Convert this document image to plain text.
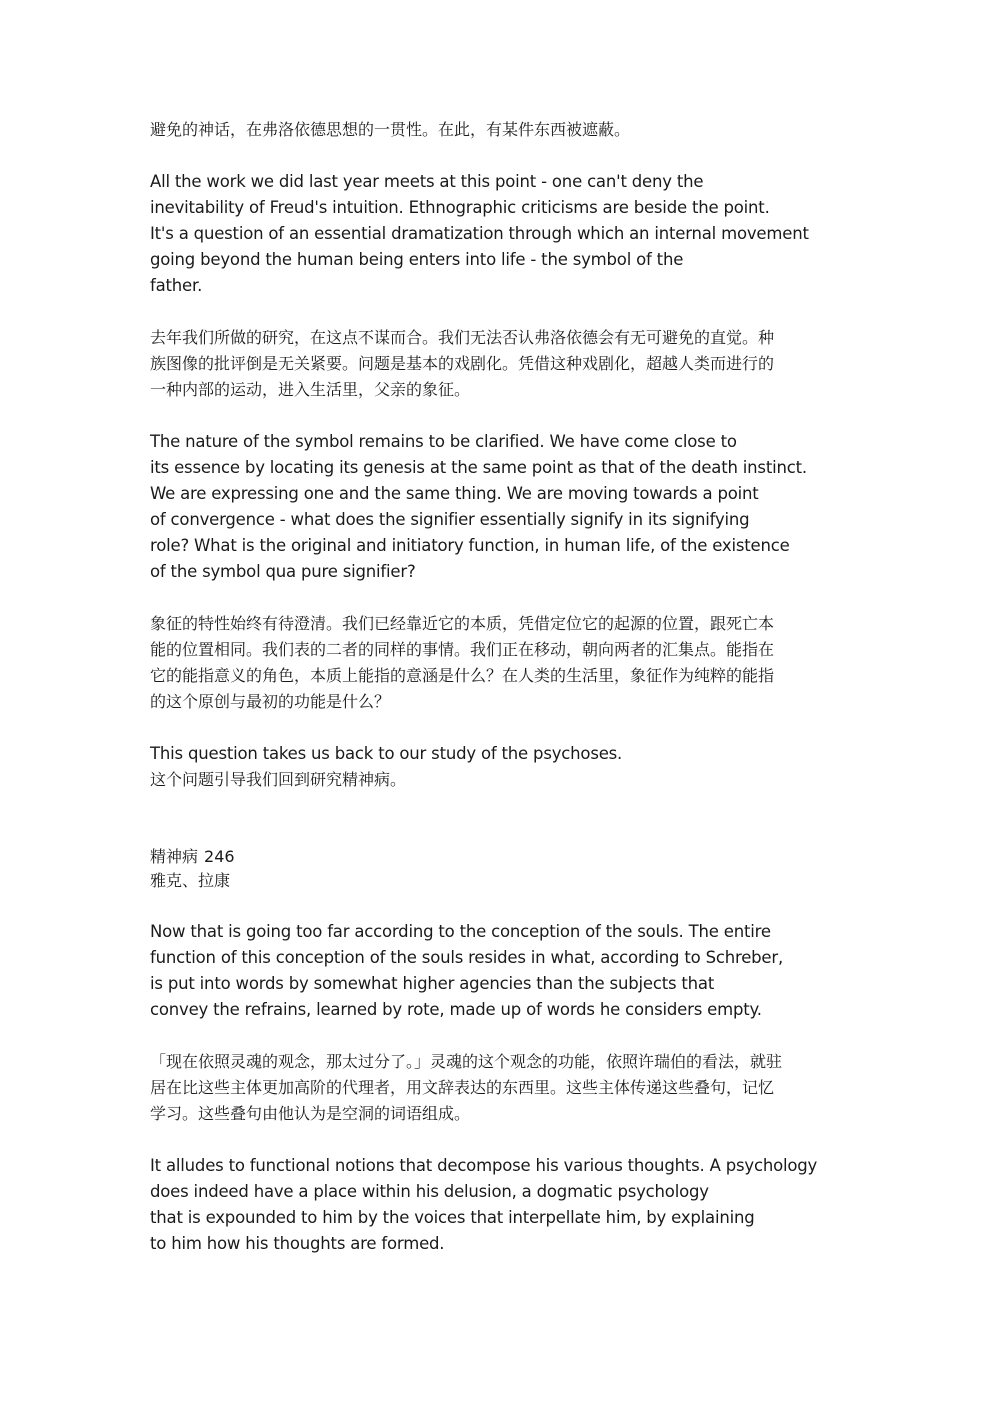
避免的神话，在弗洛依德思想的一贯性。在此，有某件东西被遮蔽。
All the work we did last year meets at this point - one can't deny the
inevitability of Freud's intuition. Ethnographic criticisms are beside the point.
It's a question of an essential dramatization through which an internal movement
going beyond the human being enters into life - the symbol of the
father.
去年我们所做的研究，在这点不谋而合。我们无法否认弗洛依德会有无可避免的直觉。种
族图像的批评倒是无关紧要。问题是基本的戏剧化。凭借这种戏剧化，超越人类而进行的
一种内部的运动，进入生活里，父亲的象征。
The nature of the symbol remains to be clarified. We have come close to
its essence by locating its genesis at the same point as that of the death instinct.
We are expressing one and the same thing. We are moving towards a point
of convergence - what does the signifier essentially signify in its signifying
role? What is the original and initiatory function, in human life, of the existence
of the symbol qua pure signifier?
象征的特性始终有待澄清。我们已经靠近它的本质，凭借定位它的起源的位置，跟死亡本
能的位置相同。我们表的二者的同样的事情。我们正在移动，朝向两者的汇集点。能指在
它的能指意义的角色，本质上能指的意涵是什么？在人类的生活里，象征作为纯粹的能指
的这个原创与最初的功能是什么？
This question takes us back to our study of the psychoses.
这个问题引导我们回到研究精神病。
精神病 246
雅克、拉康
Now that is going too far according to the conception of the souls. The entire
function of this conception of the souls resides in what, according to Schreber,
is put into words by somewhat higher agencies than the subjects that
convey the refrains, learned by rote, made up of words he considers empty.
「现在依照灵魂的观念，那太过分了。」灵魂的这个观念的功能，依照许瑞伯的看法，就驻
居在比这些主体更加高阶的代理者，用文辞表达的东西里。这些主体传递这些叠句，记忆
学习。这些叠句由他认为是空洞的词语组成。
It alludes to functional notions that decompose his various thoughts. A psychology
does indeed have a place within his delusion, a dogmatic psychology
that is expounded to him by the voices that interpellate him, by explaining
to him how his thoughts are formed.
